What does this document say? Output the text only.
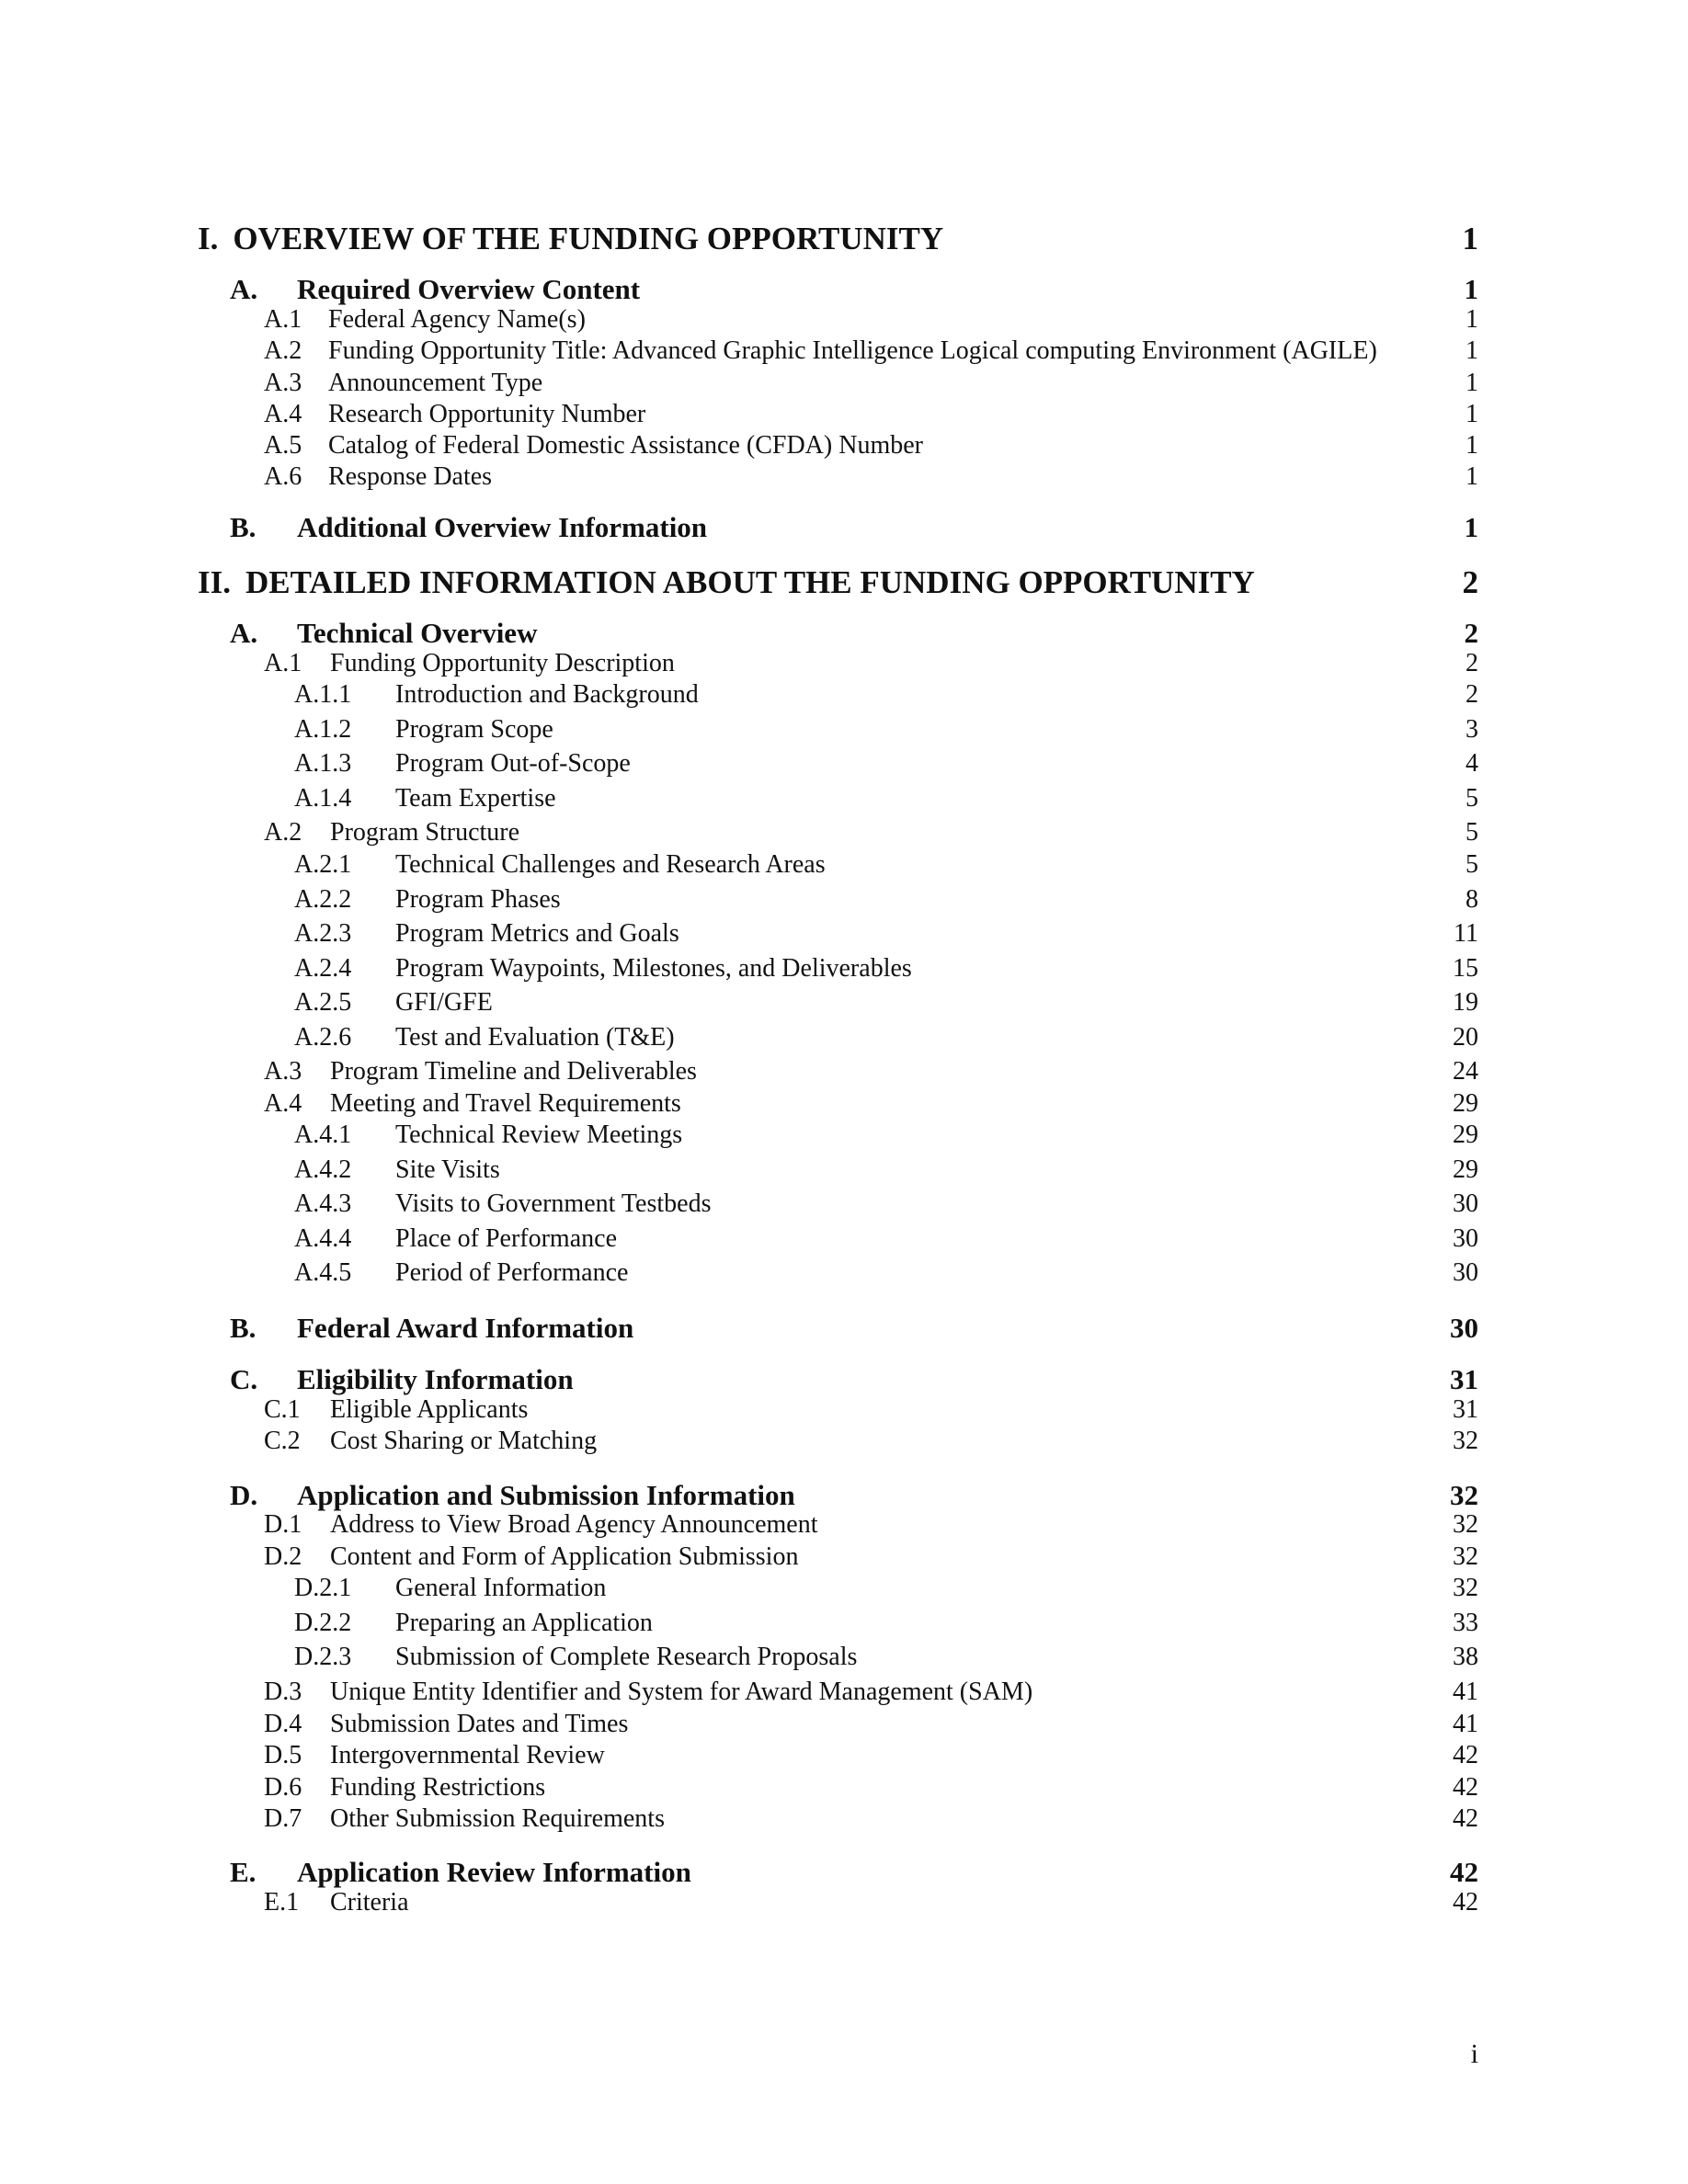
I. OVERVIEW OF THE FUNDING OPPORTUNITY	1
A.	Required Overview Content	1
A.1	Federal Agency Name(s)	1
A.2	Funding Opportunity Title: Advanced Graphic Intelligence Logical computing Environment (AGILE)	1
A.3	Announcement Type	1
A.4	Research Opportunity Number	1
A.5	Catalog of Federal Domestic Assistance (CFDA) Number	1
A.6	Response Dates	1
B.	Additional Overview Information	1
II. DETAILED INFORMATION ABOUT THE FUNDING OPPORTUNITY	2
A.	Technical Overview	2
A.1	Funding Opportunity Description	2
A.1.1	Introduction and Background	2
A.1.2	Program Scope	3
A.1.3	Program Out-of-Scope	4
A.1.4	Team Expertise	5
A.2	Program Structure	5
A.2.1	Technical Challenges and Research Areas	5
A.2.2	Program Phases	8
A.2.3	Program Metrics and Goals	11
A.2.4	Program Waypoints, Milestones, and Deliverables	15
A.2.5	GFI/GFE	19
A.2.6	Test and Evaluation (T&E)	20
A.3	Program Timeline and Deliverables	24
A.4	Meeting and Travel Requirements	29
A.4.1	Technical Review Meetings	29
A.4.2	Site Visits	29
A.4.3	Visits to Government Testbeds	30
A.4.4	Place of Performance	30
A.4.5	Period of Performance	30
B.	Federal Award Information	30
C.	Eligibility Information	31
C.1	Eligible Applicants	31
C.2	Cost Sharing or Matching	32
D.	Application and Submission Information	32
D.1	Address to View Broad Agency Announcement	32
D.2	Content and Form of Application Submission	32
D.2.1	General Information	32
D.2.2	Preparing an Application	33
D.2.3	Submission of Complete Research Proposals	38
D.3	Unique Entity Identifier and System for Award Management (SAM)	41
D.4	Submission Dates and Times	41
D.5	Intergovernmental Review	42
D.6	Funding Restrictions	42
D.7	Other Submission Requirements	42
E.	Application Review Information	42
E.1	Criteria	42
i
